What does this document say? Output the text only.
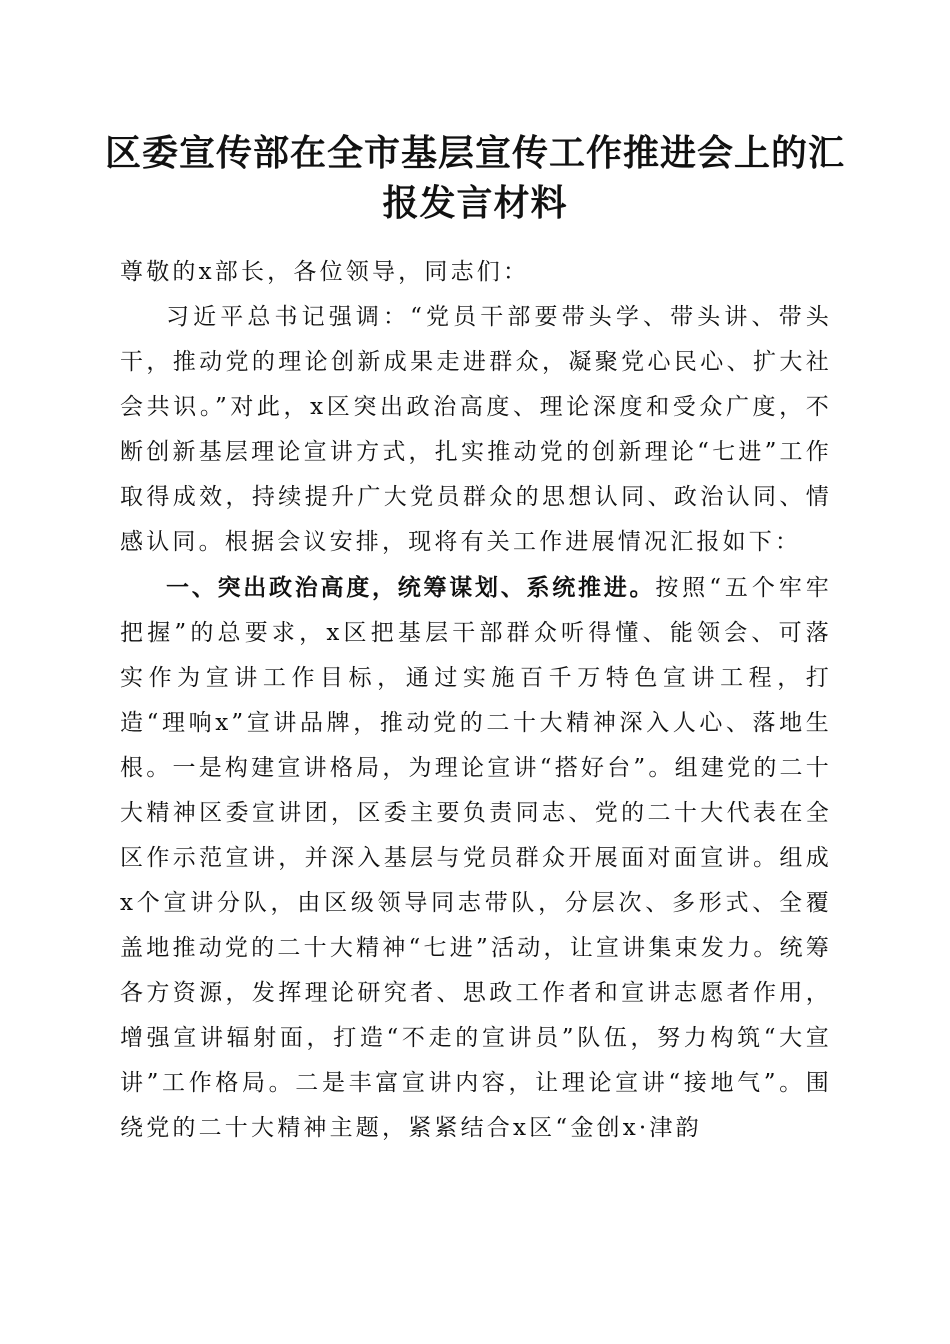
区委宣传部在全市基层宣传工作推进会上的汇报发言材料

尊敬的x部长，各位领导，同志们：

习近平总书记强调：“党员干部要带头学、带头讲、带头干，推动党的理论创新成果走进群众，凝聚党心民心、扩大社会共识。”对此，x区突出政治高度、理论深度和受众广度，不断创新基层理论宣讲方式，扎实推动党的创新理论“七进”工作取得成效，持续提升广大党员群众的思想认同、政治认同、情感认同。根据会议安排，现将有关工作进展情况汇报如下：

一、突出政治高度，统筹谋划、系统推进。按照“五个牢牢把握”的总要求，x区把基层干部群众听得懂、能领会、可落实作为宣讲工作目标，通过实施百千万特色宣讲工程，打造“理响x”宣讲品牌，推动党的二十大精神深入人心、落地生根。一是构建宣讲格局，为理论宣讲“搭好台”。组建党的二十大精神区委宣讲团，区委主要负责同志、党的二十大代表在全区作示范宣讲，并深入基层与党员群众开展面对面宣讲。组成x个宣讲分队，由区级领导同志带队，分层次、多形式、全覆盖地推动党的二十大精神“七进”活动，让宣讲集束发力。统筹各方资源，发挥理论研究者、思政工作者和宣讲志愿者作用，增强宣讲辐射面，打造“不走的宣讲员”队伍，努力构筑“大宣讲”工作格局。二是丰富宣讲内容，让理论宣讲“接地气”。围绕党的二十大精神主题，紧紧结合x区“金创x·津韵
